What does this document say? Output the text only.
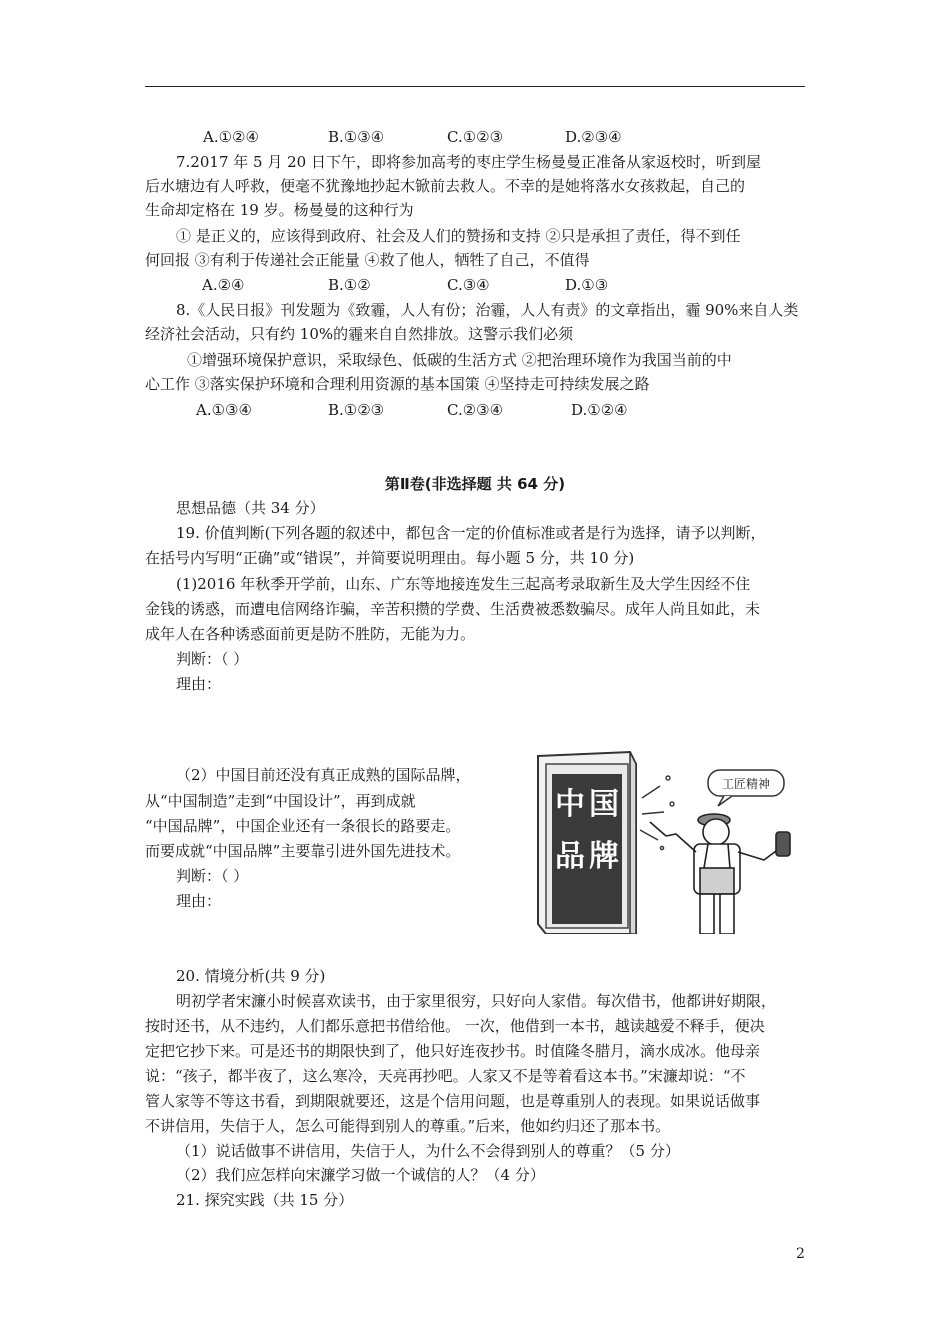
A.①②④	B.①③④	C.①②③	D.②③④
7.2017 年 5 月 20 日下午，即将参加高考的枣庄学生杨曼曼正准备从家返校时，听到屋
后水塘边有人呼救，便毫不犹豫地抄起木锨前去救人。不幸的是她将落水女孩救起，自己的
生命却定格在 19 岁。杨曼曼的这种行为
① 是正义的，应该得到政府、社会及人们的赞扬和支持 ②只是承担了责任，得不到任
何回报 ③有利于传递社会正能量 ④救了他人，牺牲了自己，不值得
A.②④	B.①②	C.③④	D.①③
8.《人民日报》刊发题为《致霾，人人有份；治霾，人人有责》的文章指出，霾 90%来自人类
经济社会活动，只有约 10%的霾来自自然排放。这警示我们必须
①增强环境保护意识，采取绿色、低碳的生活方式 ②把治理环境作为我国当前的中
心工作 ③落实保护环境和合理利用资源的基本国策 ④坚持走可持续发展之路
A.①③④	B.①②③	C.②③④	D.①②④
第Ⅱ卷(非选择题 共 64 分)
思想品德（共 34 分）
19. 价值判断(下列各题的叙述中，都包含一定的价值标准或者是行为选择，请予以判断，
在括号内写明“正确”或“错误”，并简要说明理由。每小题 5 分，共 10 分)
(1)2016 年秋季开学前，山东、广东等地接连发生三起高考录取新生及大学生因经不住
金钱的诱惑，而遭电信网络诈骗，辛苦积攒的学费、生活费被悉数骗尽。成年人尚且如此，未
成年人在各种诱惑面前更是防不胜防，无能为力。
判断：（ ）
理由：
（2）中国目前还没有真正成熟的国际品牌，
从“中国制造”走到“中国设计”，再到成就
“中国品牌”，中国企业还有一条很长的路要走。
而要成就“中国品牌”主要靠引进外国先进技术。
判断：（ ）
理由：
中 国
品 牌
工匠精神
20. 情境分析(共 9 分)
明初学者宋濂小时候喜欢读书，由于家里很穷，只好向人家借。每次借书，他都讲好期限，
按时还书，从不违约，人们都乐意把书借给他。 一次，他借到一本书，越读越爱不释手，便决
定把它抄下来。可是还书的期限快到了，他只好连夜抄书。时值隆冬腊月，滴水成冰。他母亲
说：“孩子，都半夜了，这么寒冷，天亮再抄吧。人家又不是等着看这本书。”宋濂却说：“不
管人家等不等这书看，到期限就要还，这是个信用问题，也是尊重别人的表现。如果说话做事
不讲信用，失信于人，怎么可能得到别人的尊重。”后来，他如约归还了那本书。
（1）说话做事不讲信用，失信于人，为什么不会得到别人的尊重？（5 分）
（2）我们应怎样向宋濂学习做一个诚信的人？（4 分）
21. 探究实践（共 15 分）
2
